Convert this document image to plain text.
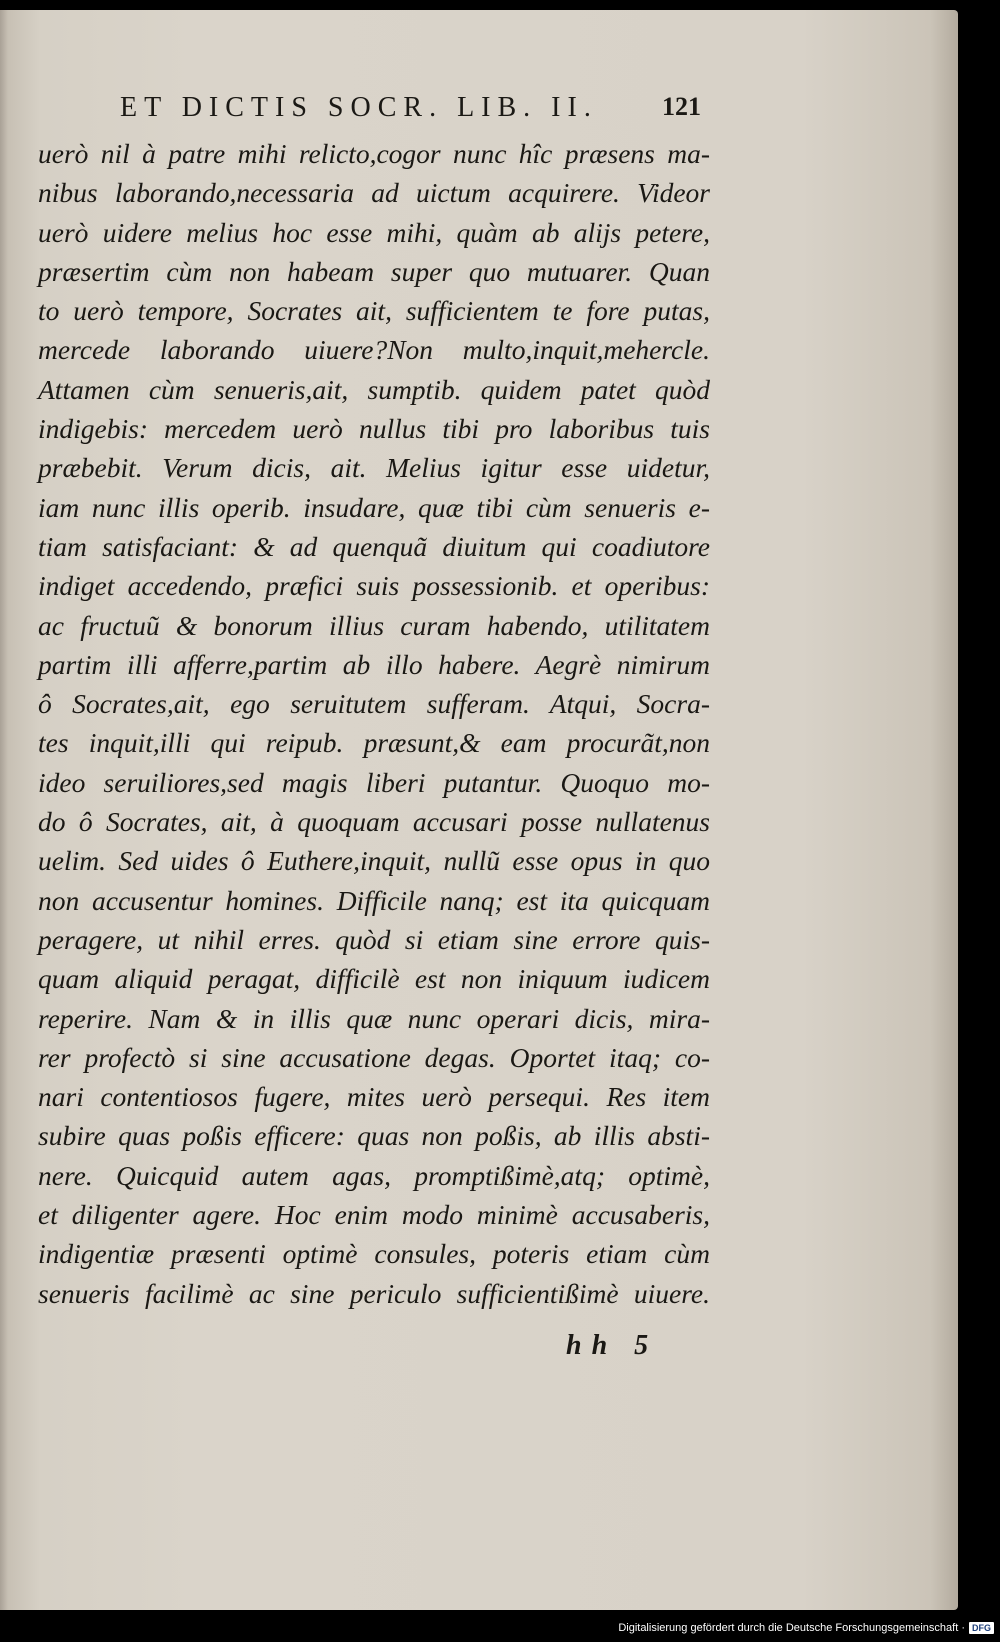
ET DICTIS SOCR. LIB. II.	121
uerò nil à patre mihi relicto,cogor nunc hîc præsens ma-
nibus laborando,necessaria ad uictum acquirere. Videor
uerò uidere melius hoc esse mihi, quàm ab alijs petere,
præsertim cùm non habeam super quo mutuarer. Quan
to uerò tempore, Socrates ait, sufficientem te fore putas,
mercede laborando uiuere?Non multo,inquit,mehercle.
Attamen cùm senueris,ait, sumptib. quidem patet quòd
indigebis: mercedem uerò nullus tibi pro laboribus tuis
præbebit. Verum dicis, ait. Melius igitur esse uidetur,
iam nunc illis operib. insudare, quæ tibi cùm senueris e-
tiam satisfaciant: & ad quenquã diuitum qui coadiutore
indiget accedendo, præfici suis possessionib. et operibus:
ac fructuũ & bonorum illius curam habendo, utilitatem
partim illi afferre,partim ab illo habere. Aegrè nimirum
ô Socrates,ait, ego seruitutem sufferam. Atqui, Socra-
tes inquit,illi qui reipub. præsunt,& eam procurãt,non
ideo seruiliores,sed magis liberi putantur. Quoquo mo-
do ô Socrates, ait, à quoquam accusari posse nullatenus
uelim. Sed uides ô Euthere,inquit, nullũ esse opus in quo
non accusentur homines. Difficile nanq; est ita quicquam
peragere, ut nihil erres. quòd si etiam sine errore quis-
quam aliquid peragat, difficilè est non iniquum iudicem
reperire. Nam & in illis quæ nunc operari dicis, mira-
rer profectò si sine accusatione degas. Oportet itaq; co-
nari contentiosos fugere, mites uerò persequi. Res item
subire quas poßis efficere: quas non poßis, ab illis absti-
nere. Quicquid autem agas, promptißimè,atq; optimè,
et diligenter agere. Hoc enim modo minimè accusaberis,
indigentiæ præsenti optimè consules, poteris etiam cùm
senueris facilimè ac sine periculo sufficientißimè uiuere.
hh 5
Digitalisierung gefördert durch die Deutsche Forschungsgemeinschaft · DFG
